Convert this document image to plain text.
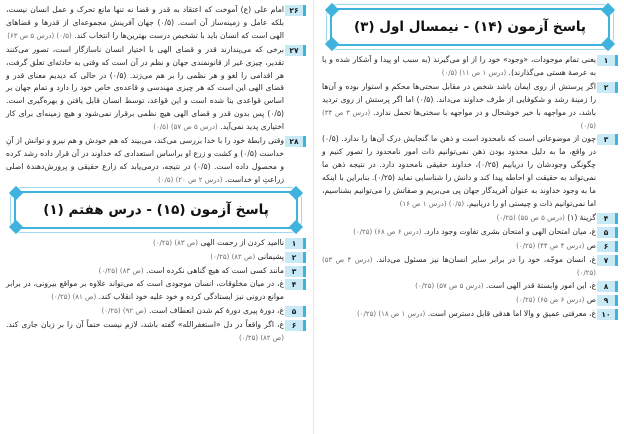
پاسخ آزمون (۱۴) - نیمسال اول (۳)
۱
یعنی تمام موجودات، «وجود» خود را از او می‌گیرند (به سبب او پیدا و آشکار شده و یا به عرصهٔ هستی می‌گذارند). (درس ۱ ص ۱۱) (۰/۵)
۲
اگر پرستش از روی ایمان باشد شخص در مقابل سختی‌ها محکم و استوار بوده و آن‌ها را زمینهٔ رشد و شکوفایی از طرف خداوند می‌داند. (۰/۵) اما اگر پرستش از روی تردید باشد، در مواجهه با خیر خوشحال و در مواجهه با سختی‌ها تحمل ندارد. (درس ۳ ص ۳۴) (۰/۵)
۳
چون از موضوعاتی است که نامحدود است و ذهن ما گنجایش درک آن‌ها را ندارد. (۰/۵) در واقع، ما به دلیل محدود بودن ذهن نمی‌توانیم ذات امور نامحدود را تصور کنیم و چگونگی وجودشان را دریابیم (۰/۲۵)، خداوند حقیقی نامحدود دارد. در نتیجه ذهن ما نمی‌تواند به حقیقت او احاطه پیدا کند و دانش را شناسایی نماید (۰/۲۵). بنابراین با اینکه ما به وجود خداوند به عنوان آفریدگار جهان پی می‌بریم و صفاتش را می‌توانیم بشناسیم، اما نمی‌توانیم ذات و چیستی او را دریابیم. (۰/۵) (درس ۱ ص ۱۶)
۴
گزینهٔ (۱) (درس ۵ ص ۵۵) (۰/۲۵)
۵
غ، میان امتحان الهی و امتحان بشری تفاوت وجود دارد. (درس ۶ ص ۶۸) (۰/۲۵)
۶
ص (درس ۴ ص ۴۴) (۰/۲۵)
۷
غ، انسان موجّه، خود را در برابر سایر انسان‌ها نیز مسئول می‌داند. (درس ۴ ص ۵۳) (۰/۲۵)
۸
غ، این امور وابستهٔ قدر الهی است. (درس ۵ ص ۵۷) (۰/۲۵)
۹
ص (درس ۶ ص ۶۵) (۰/۲۵)
۱۰
غ، معرفتی عمیق و والا اما هدفی قابل دسترس است. (درس ۱ ص ۱۸) (۰/۲۵)
۲۶
امام علی (ع) آموخت که اعتقاد به قدر و قضا نه تنها مانع تحرک و عمل انسان نیست، بلکه عامل و زمینه‌ساز آن است. (۰/۵) جهان آفرینش مجموعه‌ای از قدرها و قضاهای الهی است که انسان باید با تشخیص درست بهترین‌ها را انتخاب کند. (۰/۵) (درس ۵ ص ۶۳)
۲۷
برخی که می‌پندارند قدر و قضای الهی با اختیار انسان ناسازگار است، تصور می‌کنند تقدیر، چیزی غیر از قانونمندی جهان و نظم در آن است که وقتی به حادثه‌ای تعلق گرفت، هر اقدامی را لغو و هر نظمی را بر هم می‌زند. (۰/۵) در حالی که دیدیم معنای قدر و قضای الهی این است که هر چیزی مهندسی و قاعده‌ی خاص خود را دارد و تمام جهان بر اساس قواعدی بنا شده است و این قواعد، توسط انسان قابل یافتن و بهره‌گیری است. (۰/۵) پس بدون قدر و قضای الهی هیچ نظمی برقرار نمی‌شود و هیچ زمینه‌ای برای کار اختیاری پدید نمی‌آید. (درس ۵ ص ۵۷) (۰/۵)
۲۸
وقتی رابطهٔ خود را با خدا بررسی می‌کند، می‌بیند که هم خودش و هم نیرو و توانش از آنِ خداست (۰/۵) و کشت و زرع او براساس استعدادی که خداوند در آن قرار داده رشد کرده و محصول داده است. (۰/۵) در نتیجه، درمی‌یابد که زارع حقیقی و پرورش‌دهندهٔ اصلی زراعتِ او خداست. (درس ۲ ص ۲۰) (۰/۵)
پاسخ آزمون (۱۵) - درس هفتم (۱)
۱
ناامید کردن از رحمت الهی (ص ۸۳) (۰/۲۵)
۲
پشیمانی (ص ۸۲) (۰/۲۵)
۳
مانند کسی است که هیچ گناهی نکرده است. (ص ۸۳) (۰/۲۵)
۴
غ، در میان مخلوقات، انسان موجودی است که می‌تواند علاوه بر مواقع بیرونی، در برابر موانع درونی نیز ایستادگی کرده و خود علیه خود انقلاب کند. (ص ۸۱) (۰/۲۵)
۵
غ، دورهٔ پیری دورهٔ کم شدن انعطاف است. (ص ۹۲) (۰/۲۵)
۶
غ، اگر واقعاً در دل «استغفرالله» گفته باشد، لازم نیست حتماً آن را بر زبان جاری کند. (ص ۸۲) (۰/۲۵)
